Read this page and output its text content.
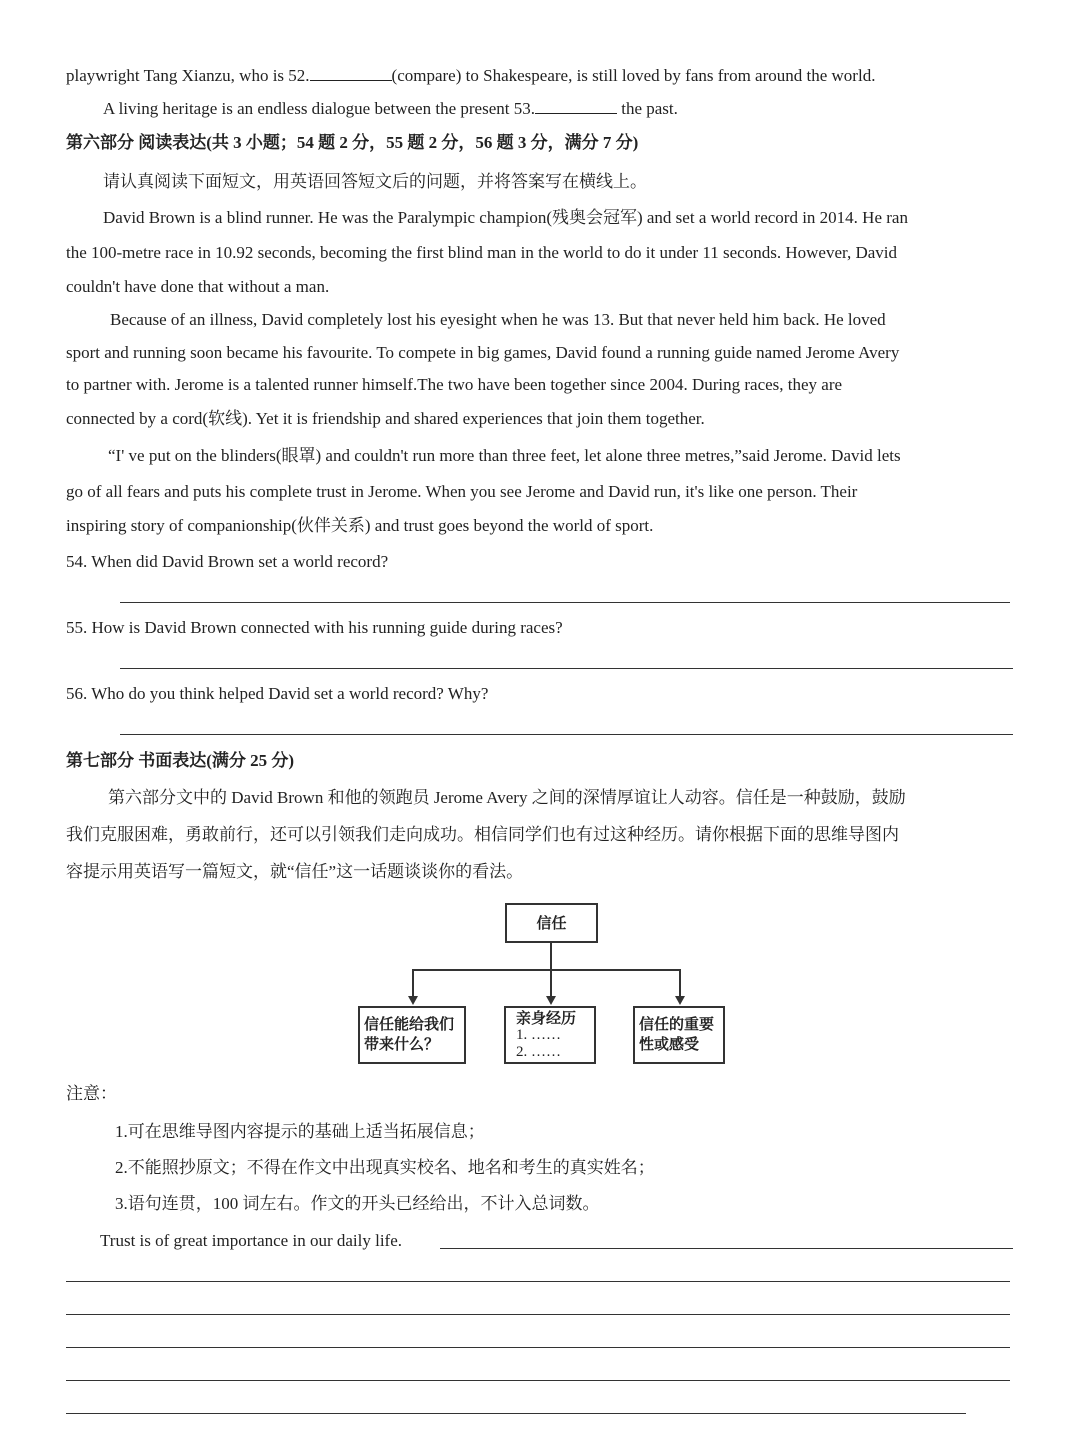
playwright Tang Xianzu, who is 52.	(compare) to Shakespeare, is still loved by fans from around the world.
A living heritage is an endless dialogue between the present 53.	the past.
第六部分 阅读表达(共 3 小题；54 题 2 分，55 题 2 分，56 题 3 分，满分 7 分)
请认真阅读下面短文，用英语回答短文后的问题，并将答案写在横线上。
David Brown is a blind runner. He was the Paralympic champion(残奥会冠军) and set a world record in 2014. He ran
the 100-metre race in 10.92 seconds, becoming the first blind man in the world to do it under 11 seconds. However, David
couldn't have done that without a man.
Because of an illness, David completely lost his eyesight when he was 13. But that never held him back. He loved
sport and running soon became his favourite. To compete in big games, David found a running guide named Jerome Avery
to partner with. Jerome is a talented runner himself.The two have been together since 2004. During races, they are
connected by a cord(软线). Yet it is friendship and shared experiences that join them together.
“I' ve put on the blinders(眼罩) and couldn't run more than three feet, let alone three metres,”said Jerome. David lets
go of all fears and puts his complete trust in Jerome. When you see Jerome and David run, it's like one person. Their
inspiring story of companionship(伙伴关系) and trust goes beyond the world of sport.
54. When did David Brown set a world record?
55. How is David Brown connected with his running guide during races?
56. Who do you think helped David set a world record? Why?
第七部分 书面表达(满分 25 分)
第六部分文中的 David Brown 和他的领跑员 Jerome Avery 之间的深情厚谊让人动容。信任是一种鼓励，鼓励
我们克服困难，勇敢前行，还可以引领我们走向成功。相信同学们也有过这种经历。请你根据下面的思维导图内
容提示用英语写一篇短文，就“信任”这一话题谈谈你的看法。
信任
信任能给我们
带来什么？
亲身经历
1. ……
2. ……
信任的重要
性或感受
注意：
1.可在思维导图内容提示的基础上适当拓展信息；
2.不能照抄原文；不得在作文中出现真实校名、地名和考生的真实姓名；
3.语句连贯，100 词左右。作文的开头已经给出，不计入总词数。
Trust is of great importance in our daily life.
